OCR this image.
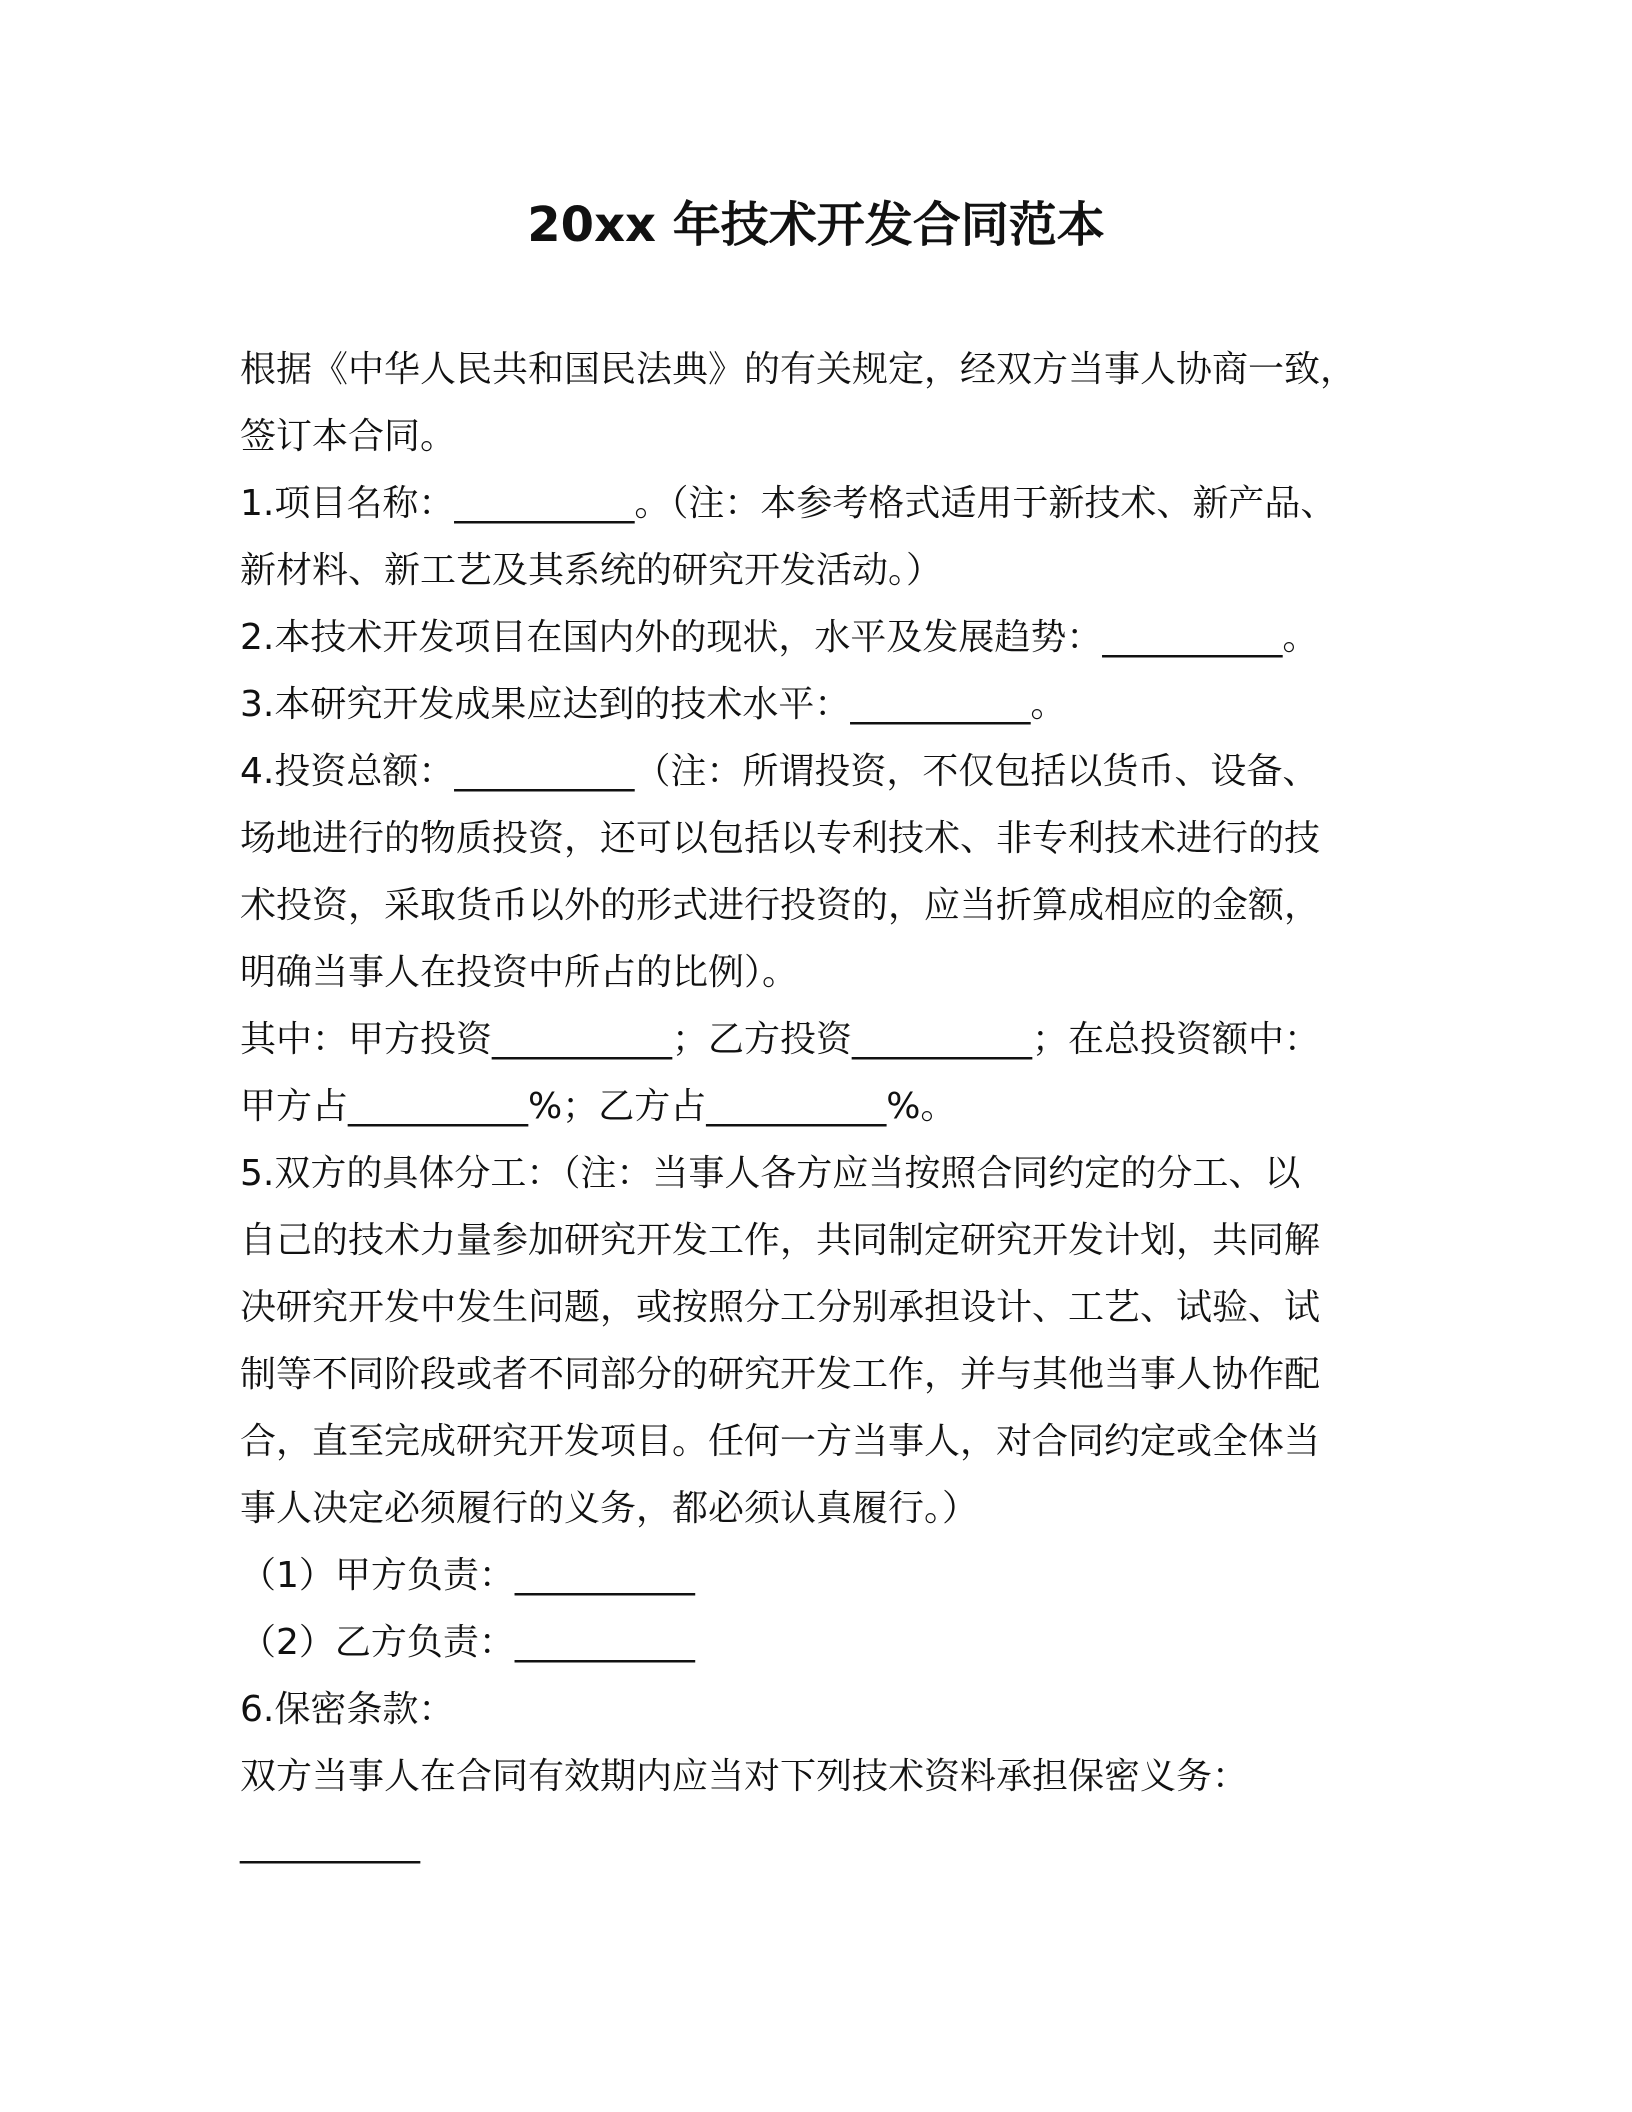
20xx 年技术开发合同范本

根据《中华人民共和国民法典》的有关规定，经双方当事人协商一致，

签订本合同。

1.项目名称：__________。（注：本参考格式适用于新技术、新产品、

新材料、新工艺及其系统的研究开发活动。）

2.本技术开发项目在国内外的现状，水平及发展趋势：__________。

3.本研究开发成果应达到的技术水平：__________。

4.投资总额：__________（注：所谓投资，不仅包括以货币、设备、

场地进行的物质投资，还可以包括以专利技术、非专利技术进行的技

术投资，采取货币以外的形式进行投资的，应当折算成相应的金额，

明确当事人在投资中所占的比例）。

其中：甲方投资__________；乙方投资__________；在总投资额中：

甲方占__________%；乙方占__________%。

5.双方的具体分工：（注：当事人各方应当按照合同约定的分工、以

自己的技术力量参加研究开发工作，共同制定研究开发计划，共同解

决研究开发中发生问题，或按照分工分别承担设计、工艺、试验、试

制等不同阶段或者不同部分的研究开发工作，并与其他当事人协作配

合，直至完成研究开发项目。任何一方当事人，对合同约定或全体当

事人决定必须履行的义务，都必须认真履行。）

（1）甲方负责：__________

（2）乙方负责：__________

6.保密条款：

双方当事人在合同有效期内应当对下列技术资料承担保密义务：

__________
